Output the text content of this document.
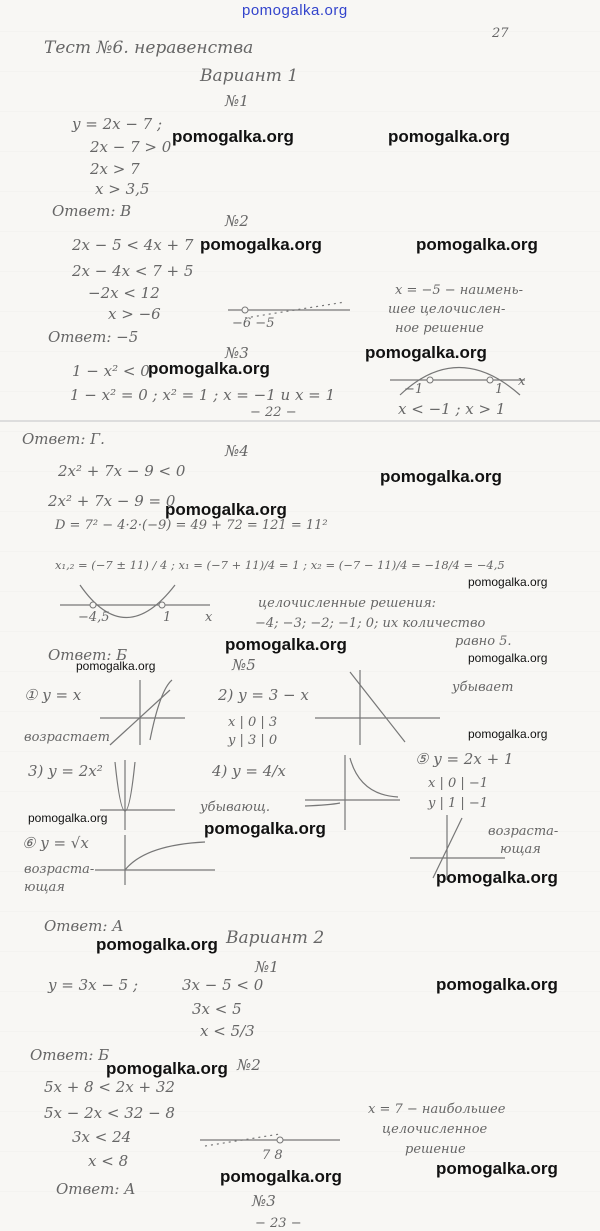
Тест №6. неравенства
27
Вариант 1
№1
y = 2x − 7 ;
2x − 7 > 0
2x > 7
x > 3,5
Ответ: В
№2
2x − 5 < 4x + 7
2x − 4x < 7 + 5
−2x < 12
x > −6
−6 −5
x = −5 − наимень-
шее целочислен-
ное решение
Ответ: −5
№3
1 − x² < 0
1 − x² = 0 ; x² = 1 ; x = −1 и x = 1
− 22 −
−1	1
x
x < −1 ; x > 1
Ответ: Г.
№4
2x² + 7x − 9 < 0
2x² + 7x − 9 = 0
D = 7² − 4·2·(−9) = 49 + 72 = 121 = 11²
x₁,₂ = (−7 ± 11) / 4 ; x₁ = (−7 + 11)/4 = 1 ; x₂ = (−7 − 11)/4 = −18/4 = −4,5
−4,5	1	x
целочисленные решения:
−4; −3; −2; −1; 0; их количество
равно 5.
Ответ: Б
№5
① y = x
возрастает
2) y = 3 − x
x | 0 | 3
y | 3 | 0
убывает
3) y = 2x²	4) y = 4/x
убывающ.
⑤ y = 2x + 1
x | 0 | −1
y | 1 | −1
возраста-
ющая
⑥ y = √x
возраста-
ющая
Ответ: А
Вариант 2
№1
y = 3x − 5 ;	3x − 5 < 0
3x < 5
x < 5/3
Ответ: Б
№2
5x + 8 < 2x + 32
5x − 2x < 32 − 8
3x < 24
x < 8	7 8
x = 7 − наибольшее
целочисленное
решение
Ответ: А
№3
− 23 −
pomogalka.org
pomogalka.org	pomogalka.org
pomogalka.org	pomogalka.org
pomogalka.org
pomogalka.org
pomogalka.org
pomogalka.org
pomogalka.org
pomogalka.org
pomogalka.org
pomogalka.org
pomogalka.org
pomogalka.org
pomogalka.org
pomogalka.org
pomogalka.org
pomogalka.org
pomogalka.org
pomogalka.org	pomogalka.org
